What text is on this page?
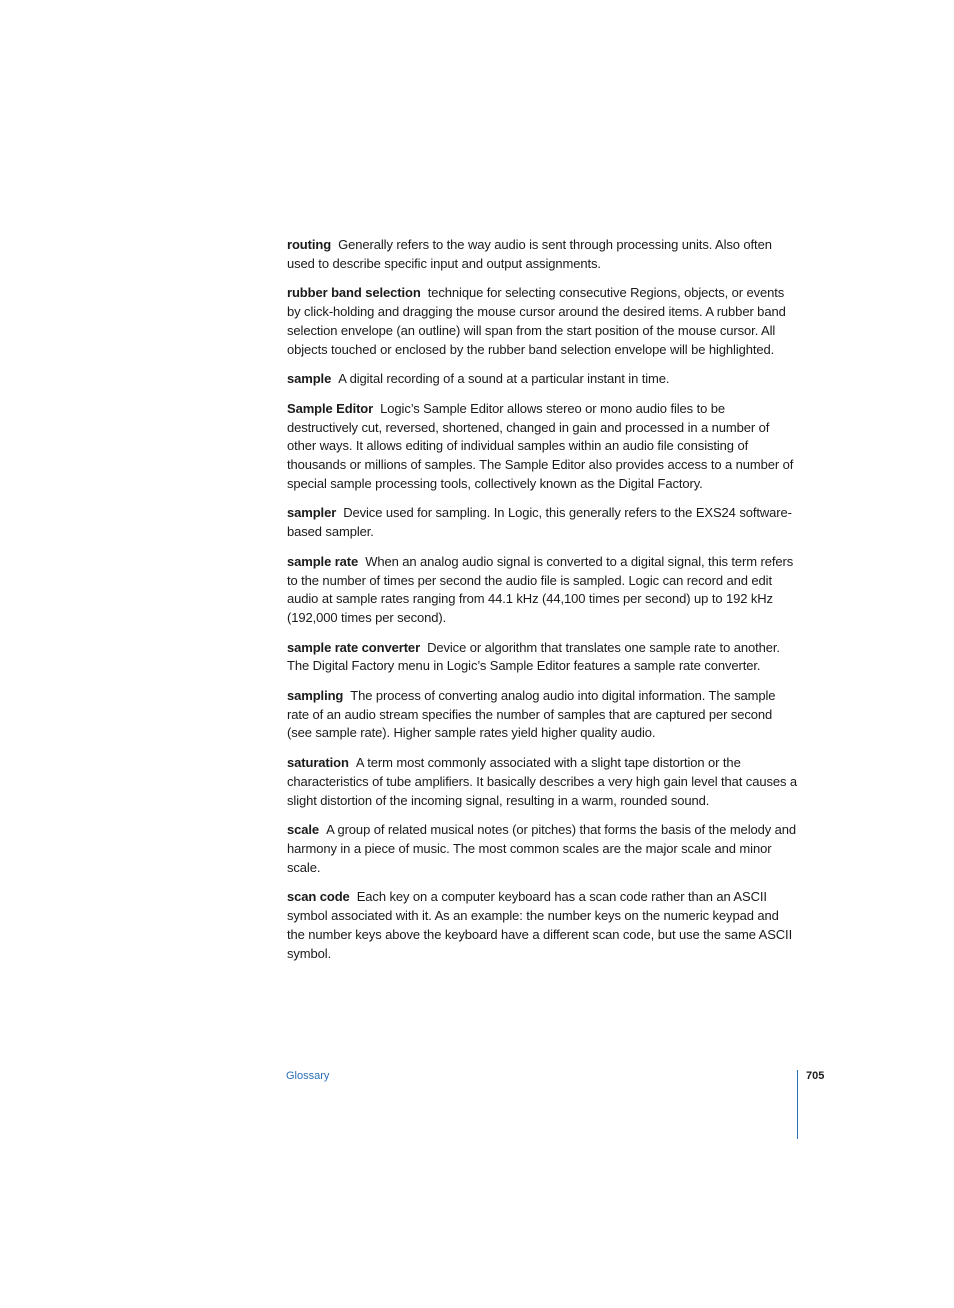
routing Generally refers to the way audio is sent through processing units. Also often used to describe specific input and output assignments.

rubber band selection technique for selecting consecutive Regions, objects, or events by click-holding and dragging the mouse cursor around the desired items. A rubber band selection envelope (an outline) will span from the start position of the mouse cursor. All objects touched or enclosed by the rubber band selection envelope will be highlighted.

sample A digital recording of a sound at a particular instant in time.

Sample Editor Logic’s Sample Editor allows stereo or mono audio files to be destructively cut, reversed, shortened, changed in gain and processed in a number of other ways. It allows editing of individual samples within an audio file consisting of thousands or millions of samples. The Sample Editor also provides access to a number of special sample processing tools, collectively known as the Digital Factory.

sampler Device used for sampling. In Logic, this generally refers to the EXS24 software-based sampler.

sample rate When an analog audio signal is converted to a digital signal, this term refers to the number of times per second the audio file is sampled. Logic can record and edit audio at sample rates ranging from 44.1 kHz (44,100 times per second) up to 192 kHz (192,000 times per second).

sample rate converter Device or algorithm that translates one sample rate to another. The Digital Factory menu in Logic’s Sample Editor features a sample rate converter.

sampling The process of converting analog audio into digital information. The sample rate of an audio stream specifies the number of samples that are captured per second (see sample rate). Higher sample rates yield higher quality audio.

saturation A term most commonly associated with a slight tape distortion or the characteristics of tube amplifiers. It basically describes a very high gain level that causes a slight distortion of the incoming signal, resulting in a warm, rounded sound.

scale A group of related musical notes (or pitches) that forms the basis of the melody and harmony in a piece of music. The most common scales are the major scale and minor scale.

scan code Each key on a computer keyboard has a scan code rather than an ASCII symbol associated with it. As an example: the number keys on the numeric keypad and the number keys above the keyboard have a different scan code, but use the same ASCII symbol.

Glossary	705
